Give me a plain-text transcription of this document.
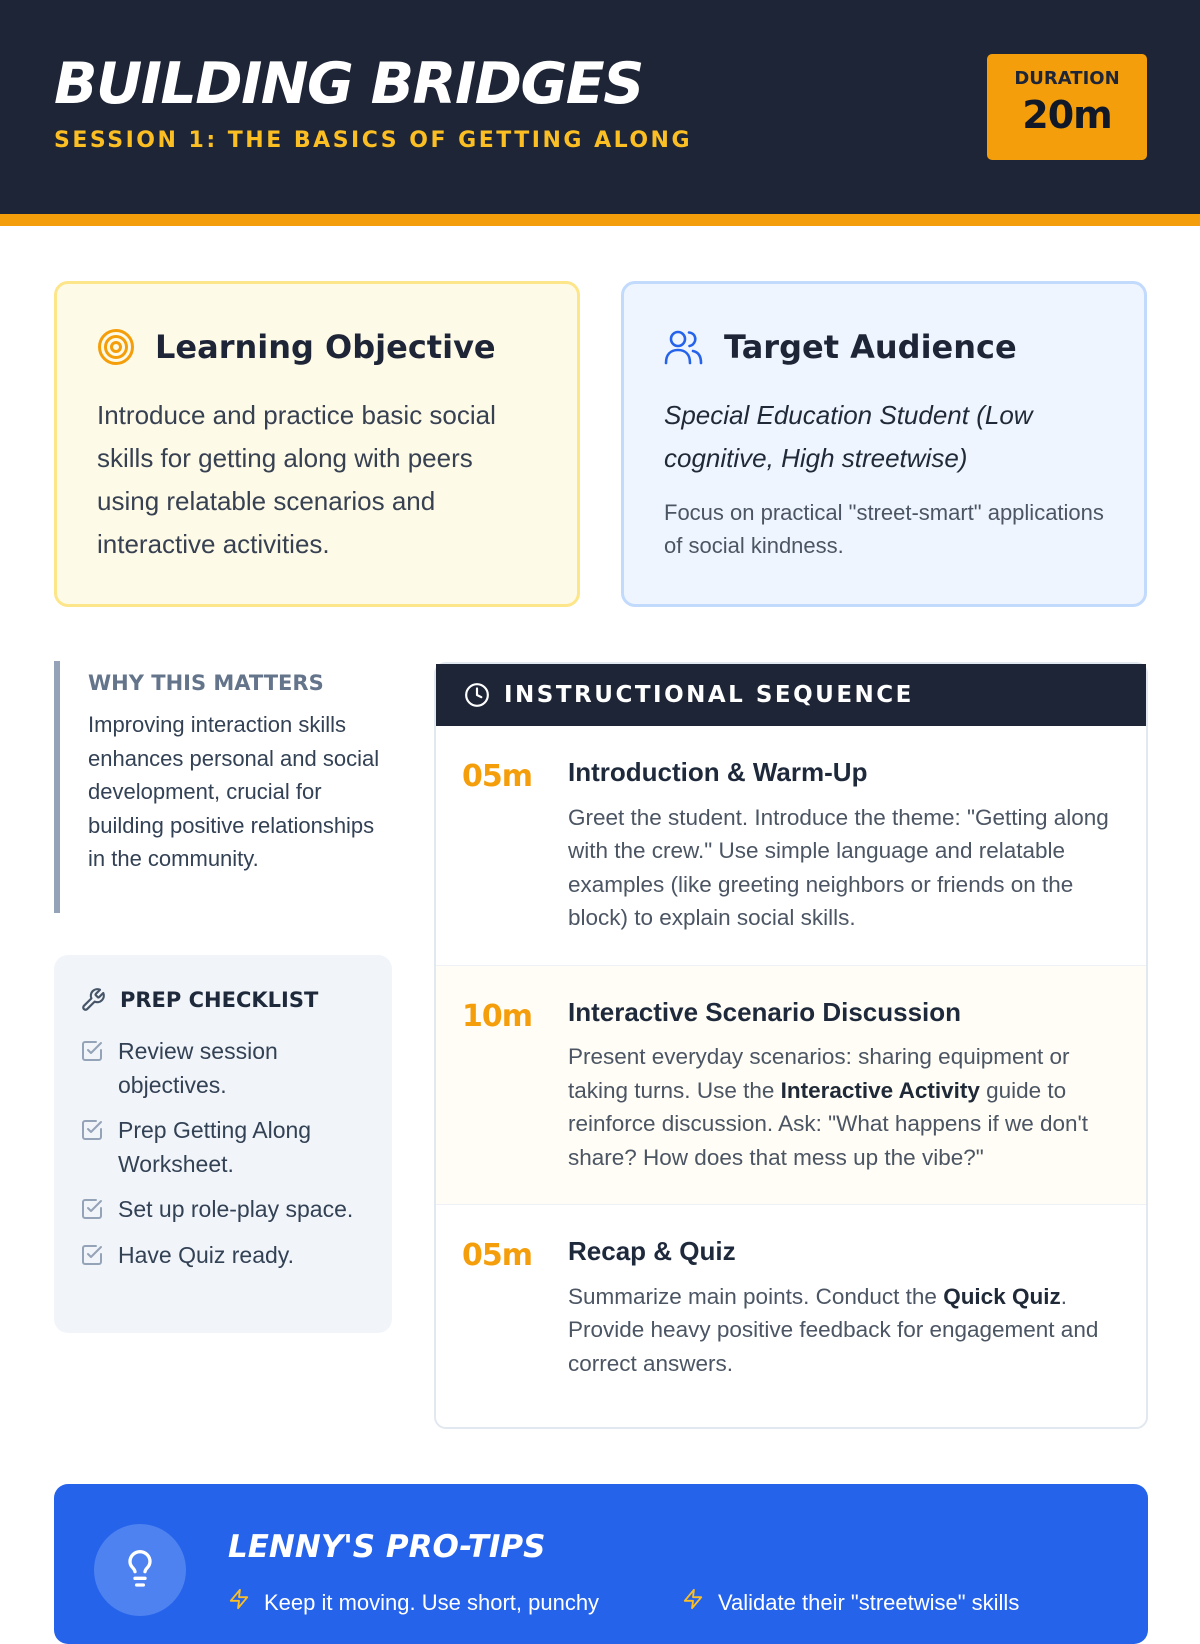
BUILDING BRIDGES
SESSION 1: THE BASICS OF GETTING ALONG
DURATION
20m
Learning Objective

Introduce and practice basic social skills for getting along with peers using relatable scenarios and interactive activities.

Target Audience

Special Education Student (Low cognitive, High streetwise)

Focus on practical "street-smart" applications of social kindness.

WHY THIS MATTERS

Improving interaction skills enhances personal and social development, crucial for building positive relationships in the community.

PREP CHECKLIST
Review session objectives.
Prep Getting Along Worksheet.
Set up role-play space.
Have Quiz ready.
INSTRUCTIONAL SEQUENCE
05m	Introduction & Warm-Up

Greet the student. Introduce the theme: "Getting along with the crew." Use simple language and relatable examples (like greeting neighbors or friends on the block) to explain social skills.

10m	Interactive Scenario Discussion

Present everyday scenarios: sharing equipment or taking turns. Use the Interactive Activity guide to reinforce discussion. Ask: "What happens if we don't share? How does that mess up the vibe?"

05m	Recap & Quiz

Summarize main points. Conduct the Quick Quiz. Provide heavy positive feedback for engagement and correct answers.

LENNY'S PRO-TIPS
Keep it moving. Use short, punchy	Validate their "streetwise" skills
